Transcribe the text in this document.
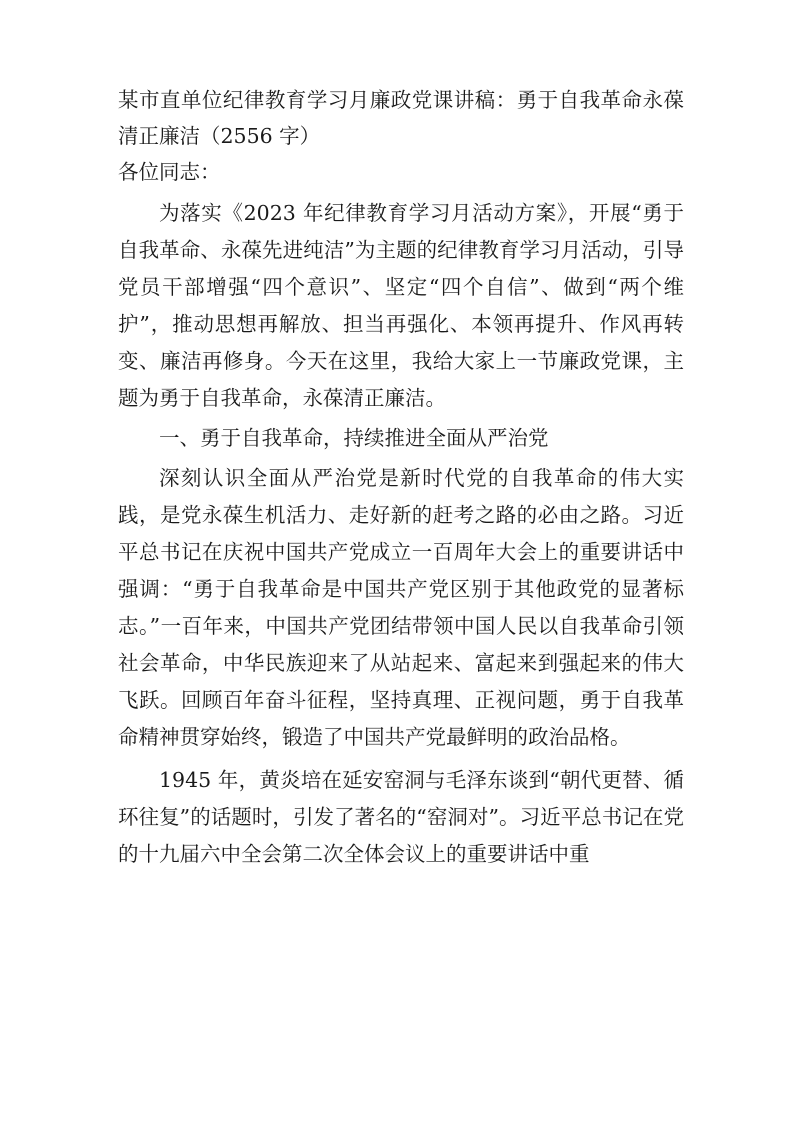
某市直单位纪律教育学习月廉政党课讲稿：勇于自我革命永葆清正廉洁（2556 字）

各位同志：

为落实《2023 年纪律教育学习月活动方案》，开展“勇于自我革命、永葆先进纯洁”为主题的纪律教育学习月活动，引导党员干部增强“四个意识”、坚定“四个自信”、做到“两个维护”，推动思想再解放、担当再强化、本领再提升、作风再转变、廉洁再修身。今天在这里，我给大家上一节廉政党课，主题为勇于自我革命，永葆清正廉洁。

一、勇于自我革命，持续推进全面从严治党

深刻认识全面从严治党是新时代党的自我革命的伟大实践，是党永葆生机活力、走好新的赶考之路的必由之路。习近平总书记在庆祝中国共产党成立一百周年大会上的重要讲话中强调：“勇于自我革命是中国共产党区别于其他政党的显著标志。”一百年来，中国共产党团结带领中国人民以自我革命引领社会革命，中华民族迎来了从站起来、富起来到强起来的伟大飞跃。回顾百年奋斗征程，坚持真理、正视问题，勇于自我革命精神贯穿始终，锻造了中国共产党最鲜明的政治品格。

1945 年，黄炎培在延安窑洞与毛泽东谈到“朝代更替、循环往复”的话题时，引发了著名的“窑洞对”。习近平总书记在党的十九届六中全会第二次全体会议上的重要讲话中重
